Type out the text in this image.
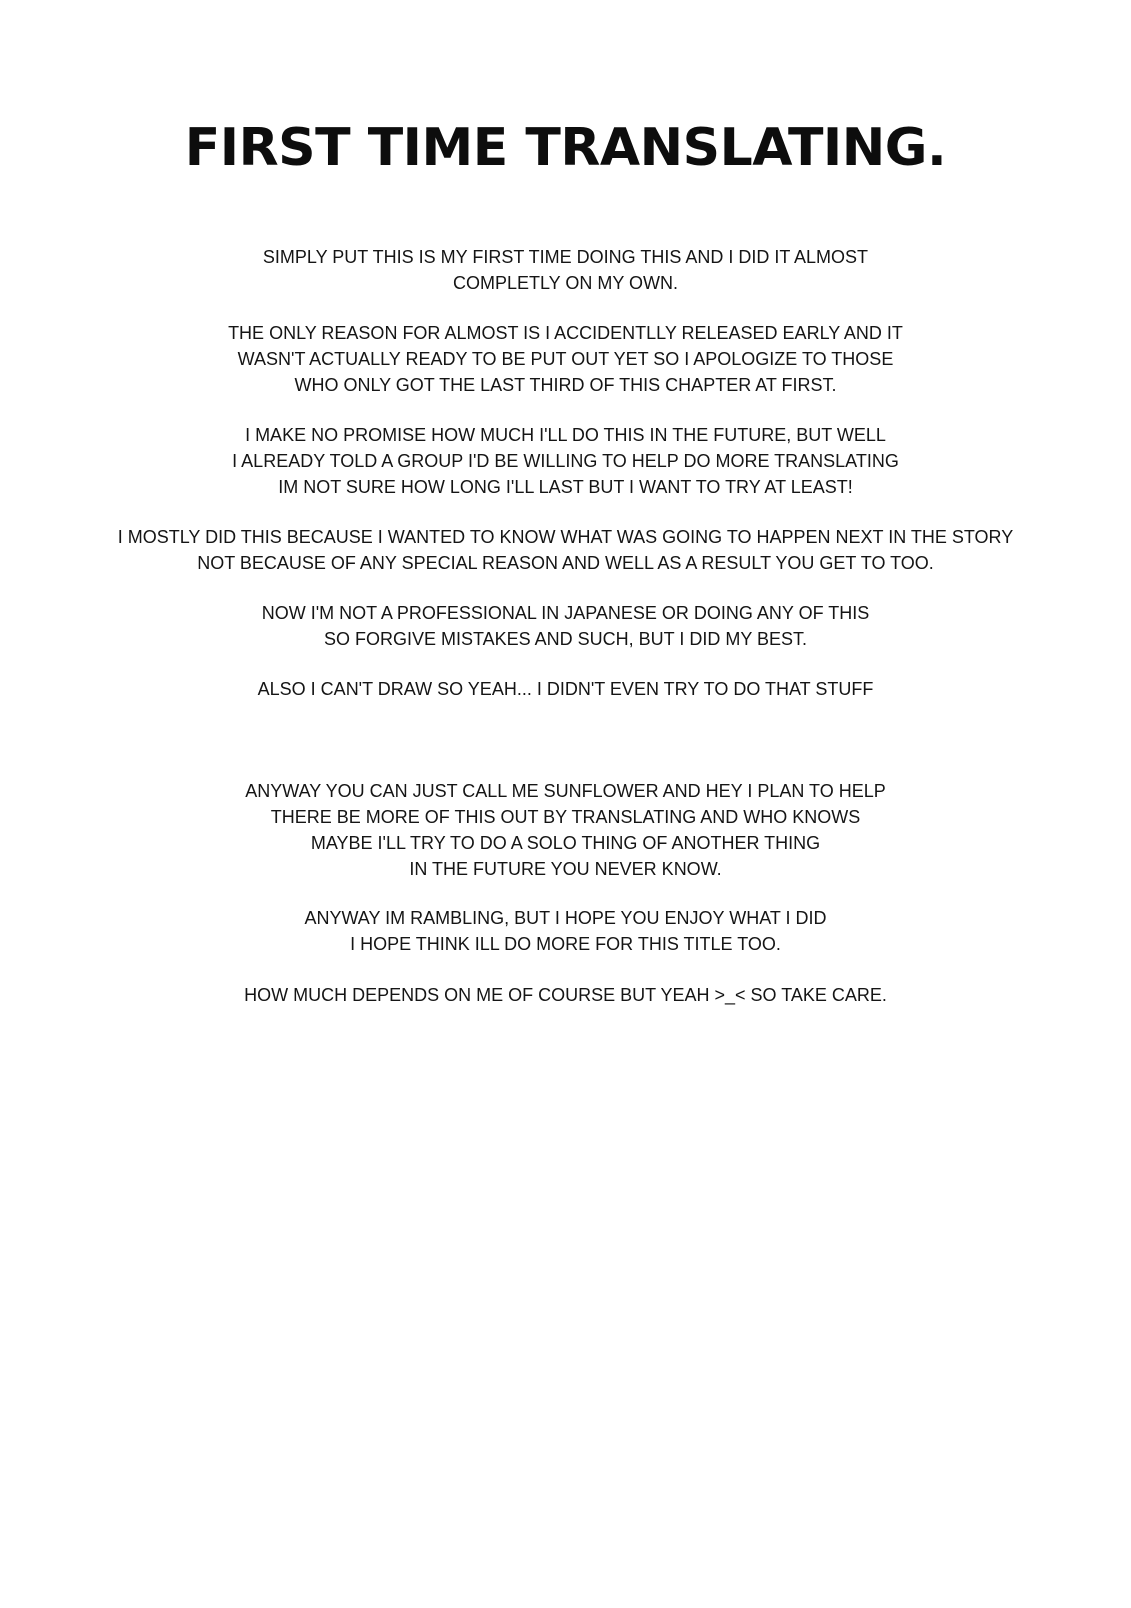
FIRST TIME TRANSLATING.
SIMPLY PUT THIS IS MY FIRST TIME DOING THIS AND I DID IT ALMOST
COMPLETLY ON MY OWN.
THE ONLY REASON FOR ALMOST IS I ACCIDENTLLY RELEASED EARLY AND IT
WASN'T ACTUALLY READY TO BE PUT OUT YET SO I APOLOGIZE TO THOSE
WHO ONLY GOT THE LAST THIRD OF THIS CHAPTER AT FIRST.
I MAKE NO PROMISE HOW MUCH I'LL DO THIS IN THE FUTURE, BUT WELL
I ALREADY TOLD A GROUP I'D BE WILLING TO HELP DO MORE TRANSLATING
IM NOT SURE HOW LONG I'LL LAST BUT I WANT TO TRY AT LEAST!
I MOSTLY DID THIS BECAUSE I WANTED TO KNOW WHAT WAS GOING TO HAPPEN NEXT IN THE STORY
NOT BECAUSE OF ANY SPECIAL REASON AND WELL AS A RESULT YOU GET TO TOO.
NOW I'M NOT A PROFESSIONAL IN JAPANESE OR DOING ANY OF THIS
SO FORGIVE MISTAKES AND SUCH, BUT I DID MY BEST.
ALSO I CAN'T DRAW SO YEAH... I DIDN'T EVEN TRY TO DO THAT STUFF
ANYWAY YOU CAN JUST CALL ME SUNFLOWER AND HEY I PLAN TO HELP
THERE BE MORE OF THIS OUT BY TRANSLATING AND WHO KNOWS
MAYBE I'LL TRY TO DO A SOLO THING OF ANOTHER THING
IN THE FUTURE YOU NEVER KNOW.
ANYWAY IM RAMBLING, BUT I HOPE YOU ENJOY WHAT I DID
I HOPE THINK ILL DO MORE FOR THIS TITLE TOO.
HOW MUCH DEPENDS ON ME OF COURSE BUT YEAH >_< SO TAKE CARE.
